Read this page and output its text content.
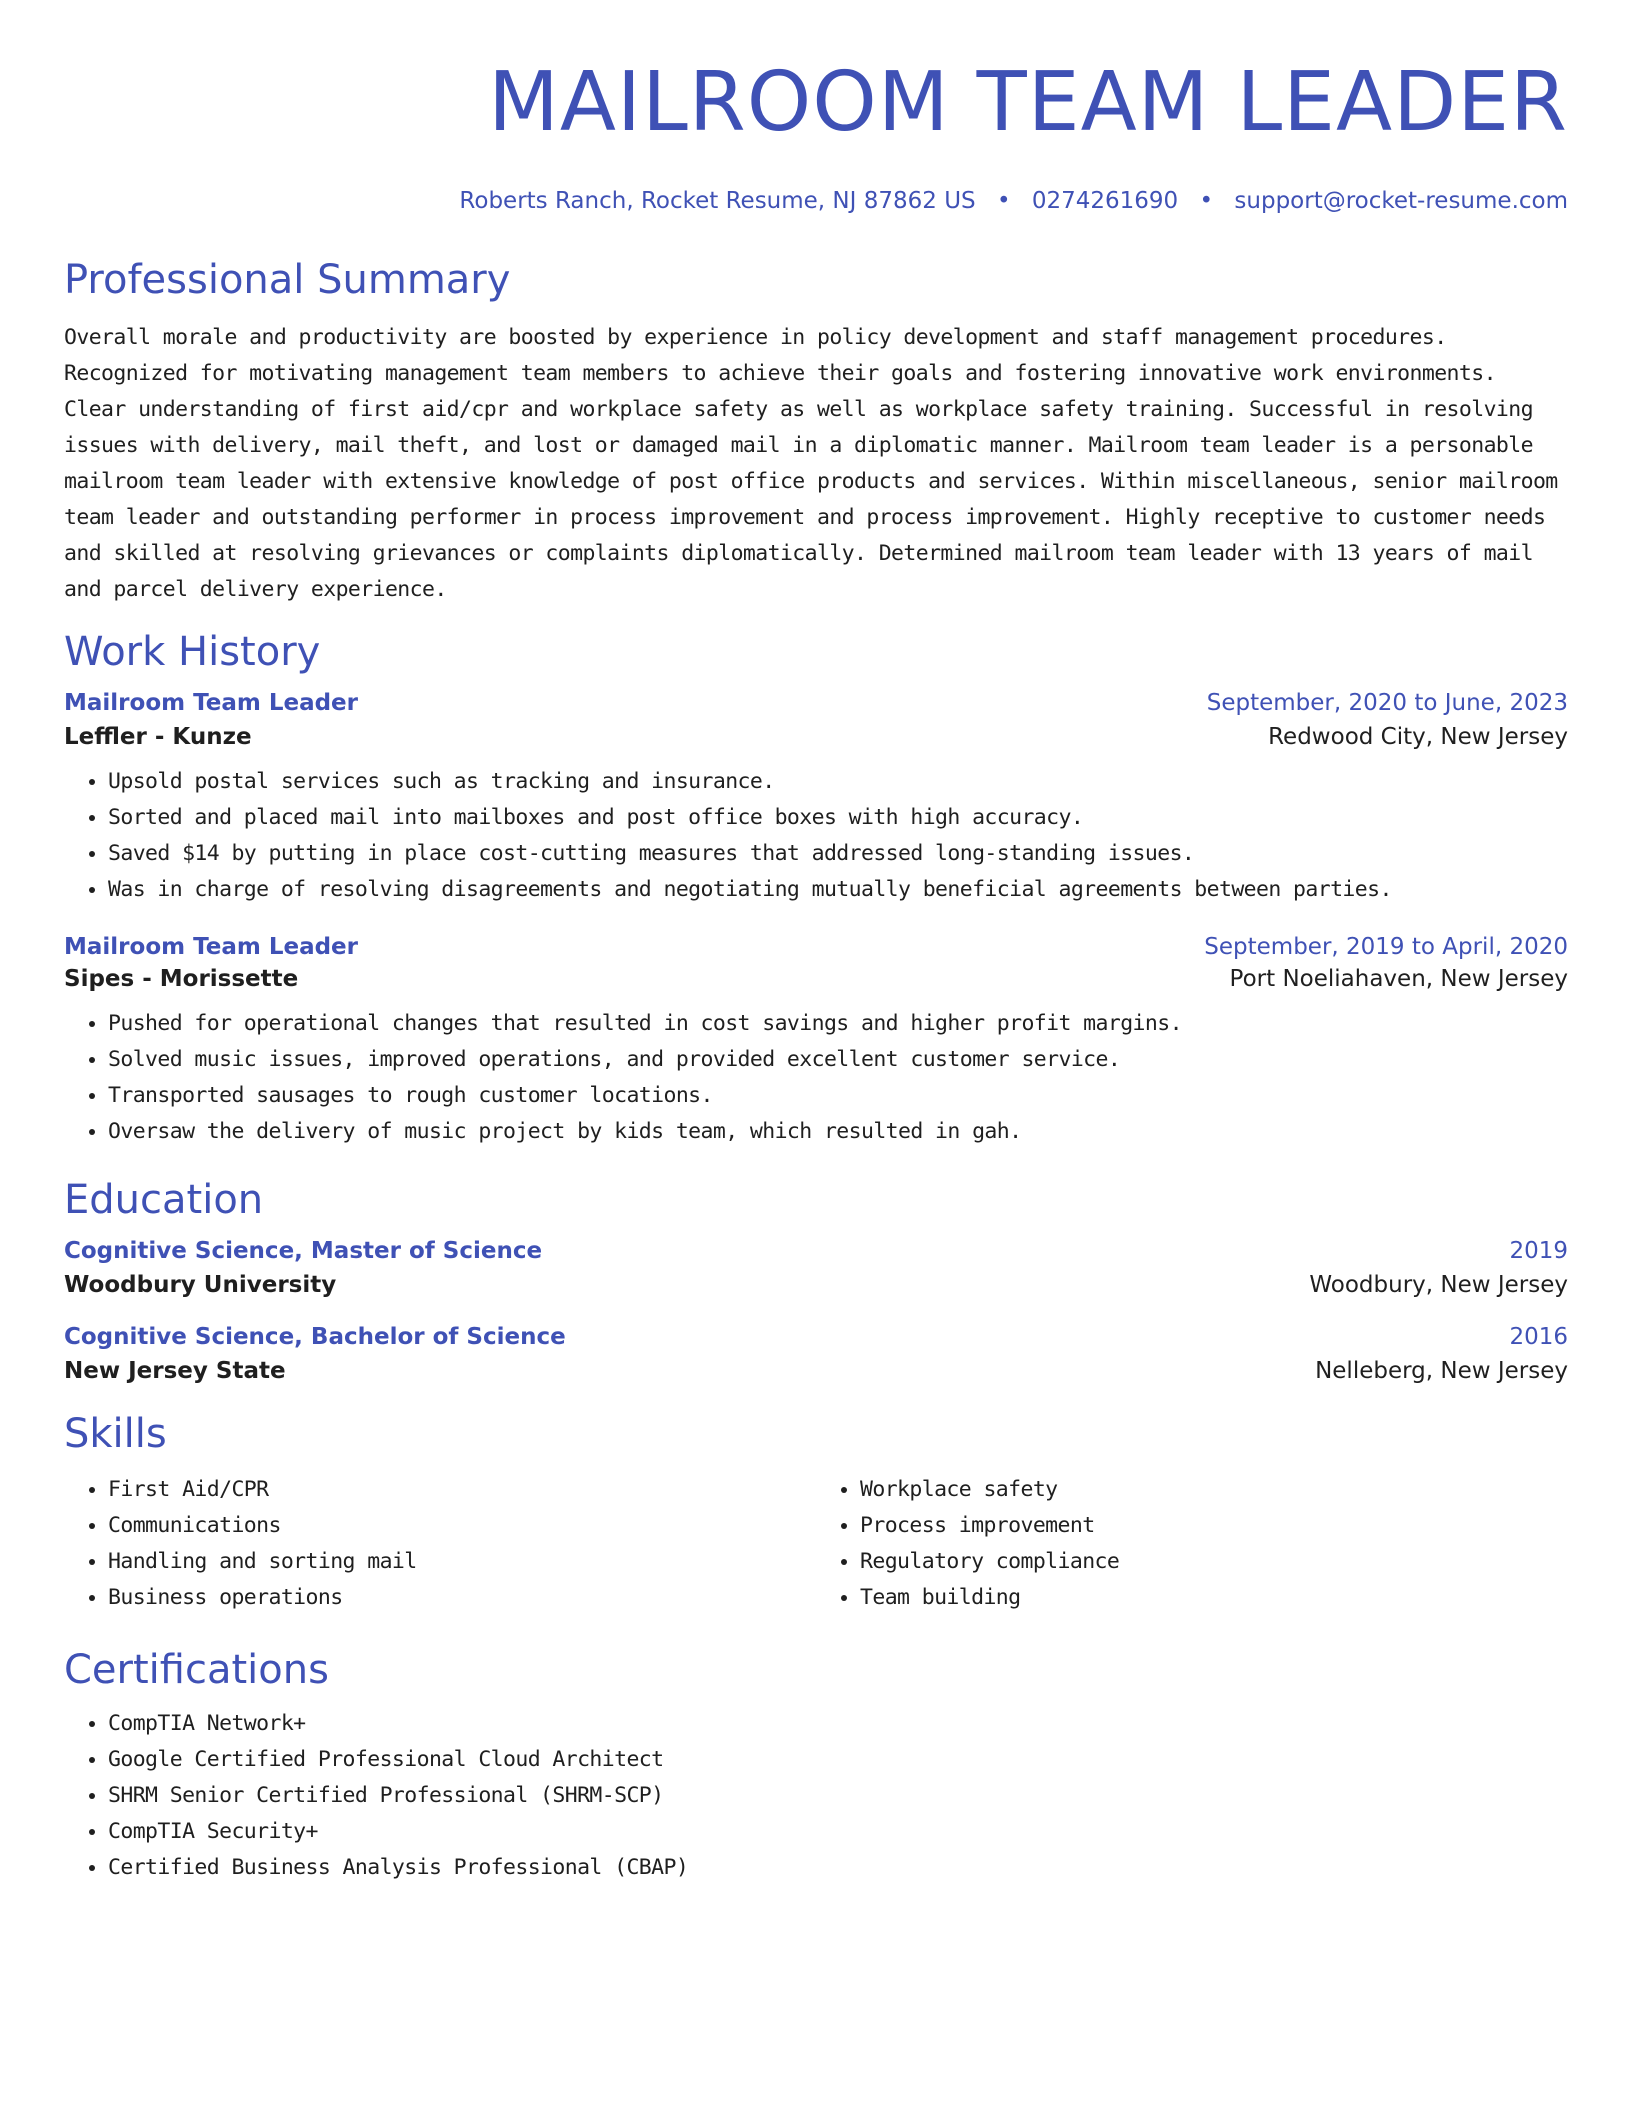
MAILROOM TEAM LEADER
Roberts Ranch, Rocket Resume, NJ 87862 US • 0274261690 • support@rocket-resume.com
Professional Summary

Overall morale and productivity are boosted by experience in policy development and staff management procedures. Recognized for motivating management team members to achieve their goals and fostering innovative work environments. Clear understanding of first aid/cpr and workplace safety as well as workplace safety training. Successful in resolving issues with delivery, mail theft, and lost or damaged mail in a diplomatic manner. Mailroom team leader is a personable mailroom team leader with extensive knowledge of post office products and services. Within miscellaneous, senior mailroom team leader and outstanding performer in process improvement and process improvement. Highly receptive to customer needs and skilled at resolving grievances or complaints diplomatically. Determined mailroom team leader with 13 years of mail and parcel delivery experience.

Work History
Mailroom Team Leader	September, 2020 to June, 2023
Leffler - Kunze	Redwood City, New Jersey
• Upsold postal services such as tracking and insurance.
• Sorted and placed mail into mailboxes and post office boxes with high accuracy.
• Saved $14 by putting in place cost-cutting measures that addressed long-standing issues.
• Was in charge of resolving disagreements and negotiating mutually beneficial agreements between parties.
Mailroom Team Leader	September, 2019 to April, 2020
Sipes - Morissette	Port Noeliahaven, New Jersey
• Pushed for operational changes that resulted in cost savings and higher profit margins.
• Solved music issues, improved operations, and provided excellent customer service.
• Transported sausages to rough customer locations.
• Oversaw the delivery of music project by kids team, which resulted in gah.
Education
Cognitive Science, Master of Science	2019
Woodbury University	Woodbury, New Jersey
Cognitive Science, Bachelor of Science	2016
New Jersey State	Nelleberg, New Jersey
Skills
• First Aid/CPR
• Communications
• Handling and sorting mail
• Business operations
• Workplace safety
• Process improvement
• Regulatory compliance
• Team building
Certifications
• CompTIA Network+
• Google Certified Professional Cloud Architect
• SHRM Senior Certified Professional (SHRM-SCP)
• CompTIA Security+
• Certified Business Analysis Professional (CBAP)
